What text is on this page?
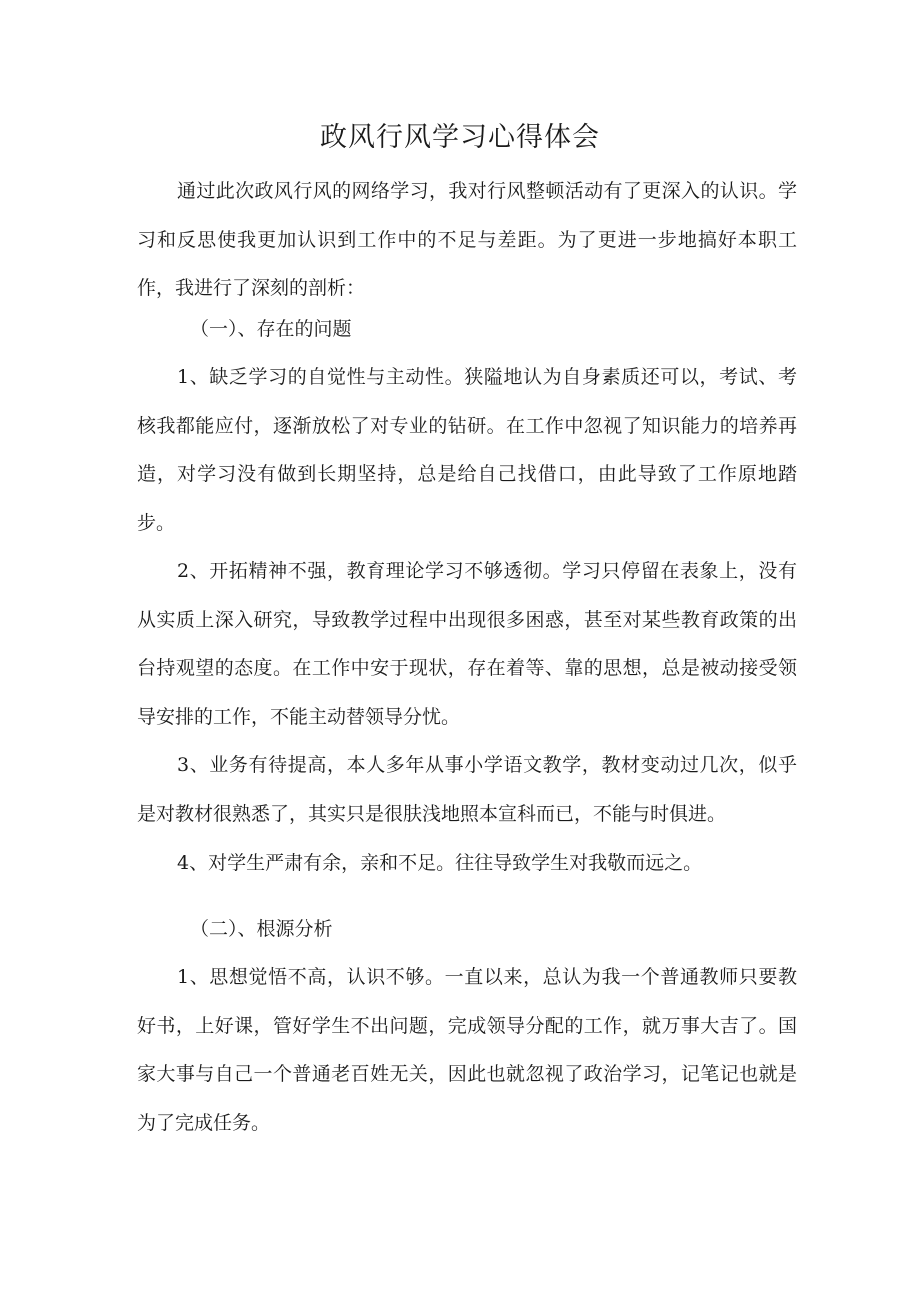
政风行风学习心得体会

通过此次政风行风的网络学习，我对行风整顿活动有了更深入的认识。学习和反思使我更加认识到工作中的不足与差距。为了更进一步地搞好本职工作，我进行了深刻的剖析：

（一）、存在的问题

1、缺乏学习的自觉性与主动性。狭隘地认为自身素质还可以，考试、考核我都能应付，逐渐放松了对专业的钻研。在工作中忽视了知识能力的培养再造，对学习没有做到长期坚持，总是给自己找借口，由此导致了工作原地踏步。

2、开拓精神不强，教育理论学习不够透彻。学习只停留在表象上，没有从实质上深入研究，导致教学过程中出现很多困惑，甚至对某些教育政策的出台持观望的态度。在工作中安于现状，存在着等、靠的思想，总是被动接受领导安排的工作，不能主动替领导分忧。

3、业务有待提高，本人多年从事小学语文教学，教材变动过几次，似乎是对教材很熟悉了，其实只是很肤浅地照本宣科而已，不能与时俱进。

4、对学生严肃有余，亲和不足。往往导致学生对我敬而远之。

（二）、根源分析

1、思想觉悟不高，认识不够。一直以来，总认为我一个普通教师只要教好书，上好课，管好学生不出问题，完成领导分配的工作，就万事大吉了。国家大事与自己一个普通老百姓无关，因此也就忽视了政治学习，记笔记也就是为了完成任务。
